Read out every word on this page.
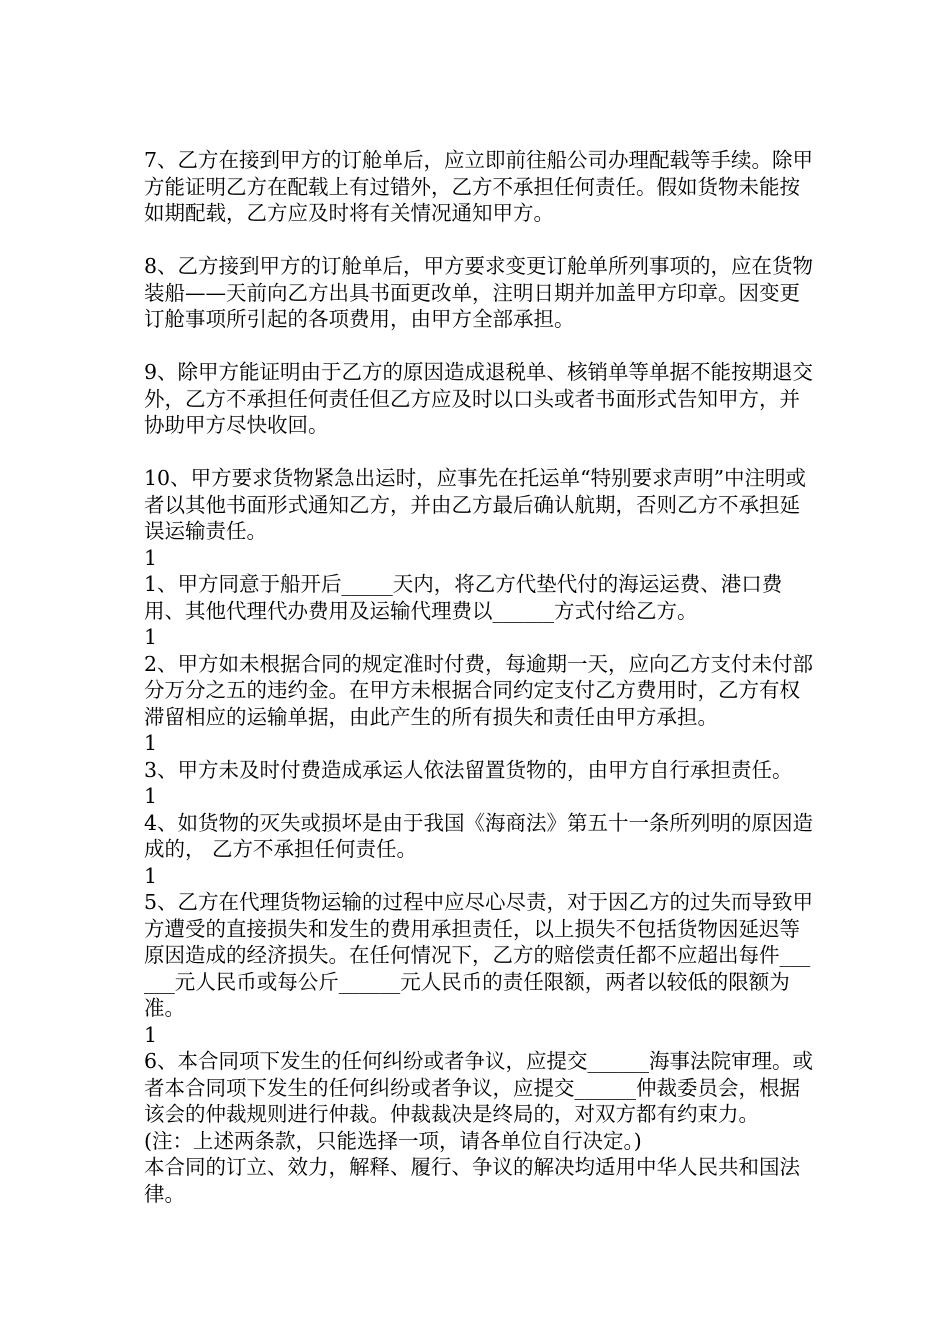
7、乙方在接到甲方的订舱单后，应立即前往船公司办理配载等手续。除甲方能证明乙方在配载上有过错外，乙方不承担任何责任。假如货物未能按如期配载，乙方应及时将有关情况通知甲方。

8、乙方接到甲方的订舱单后，甲方要求变更订舱单所列事项的，应在货物装船——天前向乙方出具书面更改单，注明日期并加盖甲方印章。因变更订舱事项所引起的各项费用，由甲方全部承担。

9、除甲方能证明由于乙方的原因造成退税单、核销单等单据不能按期退交外，乙方不承担任何责任但乙方应及时以口头或者书面形式告知甲方，并协助甲方尽快收回。

10、甲方要求货物紧急出运时，应事先在托运单“特别要求声明”中注明或者以其他书面形式通知乙方，并由乙方最后确认航期，否则乙方不承担延误运输责任。

1

1、甲方同意于船开后_____天内，将乙方代垫代付的海运运费、港口费用、其他代理代办费用及运输代理费以______方式付给乙方。

1

2、甲方如未根据合同的规定准时付费，每逾期一天，应向乙方支付未付部分万分之五的违约金。在甲方未根据合同约定支付乙方费用时，乙方有权滞留相应的运输单据，由此产生的所有损失和责任由甲方承担。

1

3、甲方未及时付费造成承运人依法留置货物的，由甲方自行承担责任。

1

4、如货物的灭失或损坏是由于我国《海商法》第五十一条所列明的原因造成的， 乙方不承担任何责任。

1

5、乙方在代理货物运输的过程中应尽心尽责，对于因乙方的过失而导致甲方遭受的直接损失和发生的费用承担责任，以上损失不包括货物因延迟等原因造成的经济损失。在任何情况下，乙方的赔偿责任都不应超出每件______元人民币或每公斤______元人民币的责任限额，两者以较低的限额为准。

1

6、本合同项下发生的任何纠纷或者争议，应提交______海事法院审理。或者本合同项下发生的任何纠纷或者争议，应提交______仲裁委员会，根据该会的仲裁规则进行仲裁。仲裁裁决是终局的，对双方都有约束力。

(注：上述两条款，只能选择一项，请各单位自行决定。)

本合同的订立、效力，解释、履行、争议的解决均适用中华人民共和国法律。
